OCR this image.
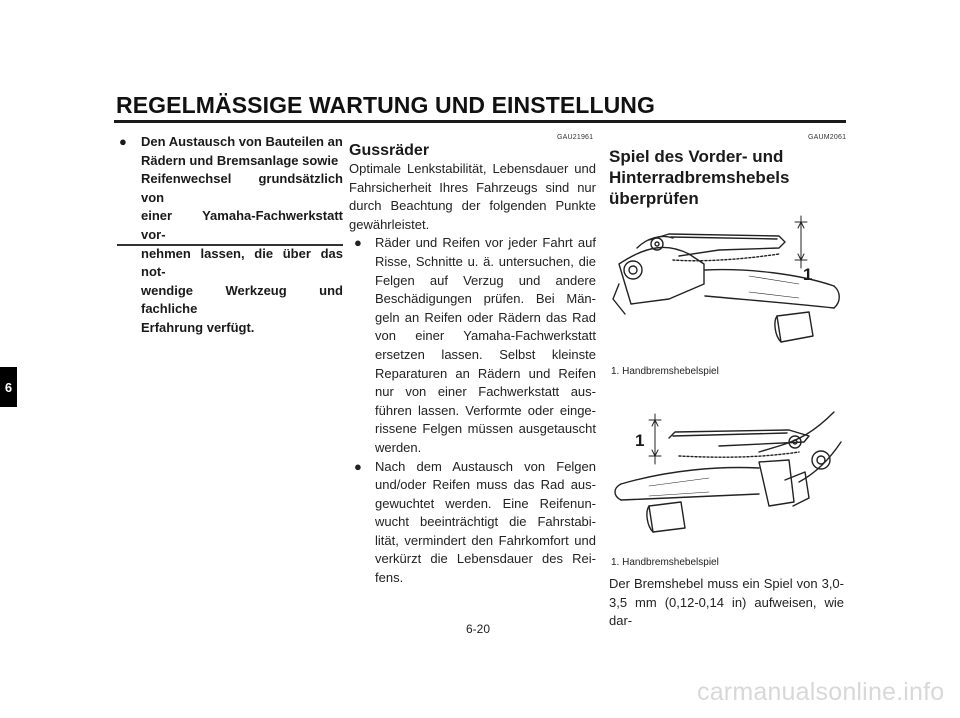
REGELMÄSSIGE WARTUNG UND EINSTELLUNG
6
● Den Austausch von Bauteilen an
Rädern und Bremsanlage sowie
Reifenwechsel grundsätzlich von
einer Yamaha-Fachwerkstatt vor-
nehmen lassen, die über das not-
wendige Werkzeug und fachliche
Erfahrung verfügt.
GAU21961
Gussräder

Optimale Lenkstabilität, Lebensdauer und Fahrsicherheit Ihres Fahrzeugs sind nur durch Beachtung der folgenden Punkte gewährleistet.

● Räder und Reifen vor jeder Fahrt auf Risse, Schnitte u. ä. untersuchen, die Felgen auf Verzug und andere Beschädigungen prüfen. Bei Män-geln an Reifen oder Rädern das Rad von einer Yamaha-Fachwerkstatt ersetzen lassen. Selbst kleinste Reparaturen an Rädern und Reifen nur von einer Fachwerkstatt aus-führen lassen. Verformte oder einge-rissene Felgen müssen ausgetauscht werden.
● Nach dem Austausch von Felgen und/oder Reifen muss das Rad aus-gewuchtet werden. Eine Reifenun-wucht beeinträchtigt die Fahrstabi-lität, vermindert den Fahrkomfort und verkürzt die Lebensdauer des Rei-fens.
GAUM2061
Spiel des Vorder- und
Hinterradbremshebels
überprüfen
1
1. Handbremshebelspiel
1
1. Handbremshebelspiel
Der Bremshebel muss ein Spiel von 3,0-3,5 mm (0,12-0,14 in) aufweisen, wie dar-
6-20
carmanualsonline.info
